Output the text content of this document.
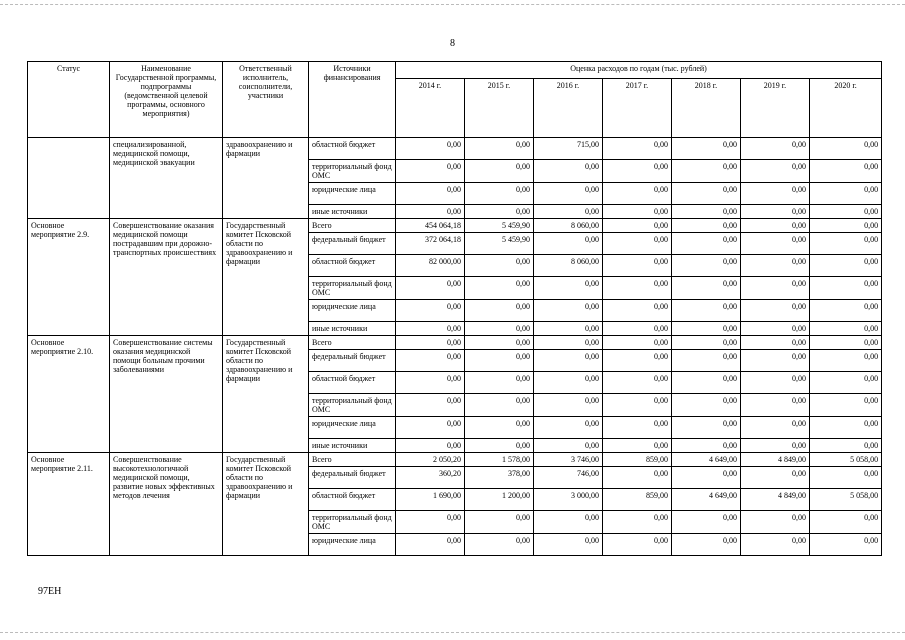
8
Статус	Наименование Государственной программы, подпрограммы (ведомственной целевой программы, основного мероприятия)	Ответственный исполнитель, соисполнители, участники	Источники финансирования	Оценка расходов по годам (тыс. рублей)						
				2014 г.	2015 г.	2016 г.	2017 г.	2018 г.	2019 г.	2020 г.
	специализированной, медицинской помощи, медицинской эвакуации	здравоохранению и фармации	областной бюджет	0,00	0,00	715,00	0,00	0,00	0,00	0,00
			территориальный фонд ОМС	0,00	0,00	0,00	0,00	0,00	0,00	0,00
			юридические лица	0,00	0,00	0,00	0,00	0,00	0,00	0,00
			иные источники	0,00	0,00	0,00	0,00	0,00	0,00	0,00
Основное мероприятие 2.9.	Совершенствование оказания медицинской помощи пострадавшим при дорожно-транспортных происшествиях	Государственный комитет Псковской области по здравоохранению и фармации	Всего	454 064,18	5 459,90	8 060,00	0,00	0,00	0,00	0,00
			федеральный бюджет	372 064,18	5 459,90	0,00	0,00	0,00	0,00	0,00
			областной бюджет	82 000,00	0,00	8 060,00	0,00	0,00	0,00	0,00
			территориальный фонд ОМС	0,00	0,00	0,00	0,00	0,00	0,00	0,00
			юридические лица	0,00	0,00	0,00	0,00	0,00	0,00	0,00
			иные источники	0,00	0,00	0,00	0,00	0,00	0,00	0,00
Основное мероприятие 2.10.	Совершенствование системы оказания медицинской помощи больным прочими заболеваниями	Государственный комитет Псковской области по здравоохранению и фармации	Всего	0,00	0,00	0,00	0,00	0,00	0,00	0,00
			федеральный бюджет	0,00	0,00	0,00	0,00	0,00	0,00	0,00
			областной бюджет	0,00	0,00	0,00	0,00	0,00	0,00	0,00
			территориальный фонд ОМС	0,00	0,00	0,00	0,00	0,00	0,00	0,00
			юридические лица	0,00	0,00	0,00	0,00	0,00	0,00	0,00
			иные источники	0,00	0,00	0,00	0,00	0,00	0,00	0,00
Основное мероприятие 2.11.	Совершенствование высокотехнологичной медицинской помощи, развитие новых эффективных методов лечения	Государственный комитет Псковской области по здравоохранению и фармации	Всего	2 050,20	1 578,00	3 746,00	859,00	4 649,00	4 849,00	5 058,00
			федеральный бюджет	360,20	378,00	746,00	0,00	0,00	0,00	0,00
			областной бюджет	1 690,00	1 200,00	3 000,00	859,00	4 649,00	4 849,00	5 058,00
			территориальный фонд ОМС	0,00	0,00	0,00	0,00	0,00	0,00	0,00
			юридические лица	0,00	0,00	0,00	0,00	0,00	0,00	0,00
97ЕН
